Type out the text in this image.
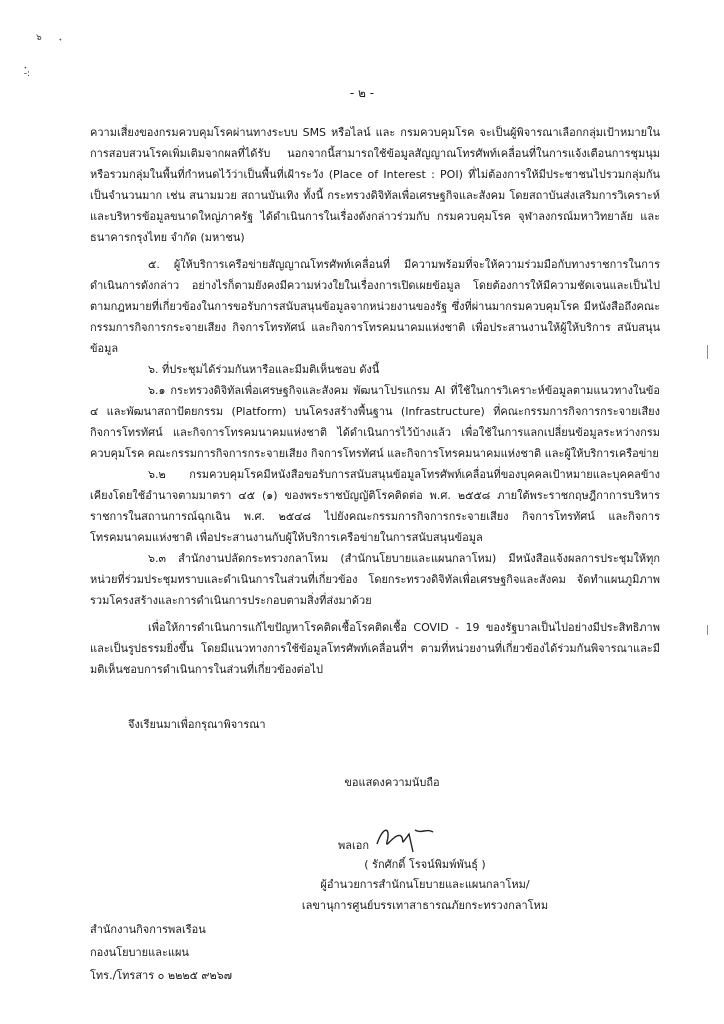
๖
-๋:
- ๒ -

ความเสี่ยงของกรมควบคุมโรคผ่านทางระบบ SMS หรือไลน์ และ กรมควบคุมโรค จะเป็นผู้พิจารณาเลือกกลุ่มเป้าหมายในการสอบสวนโรคเพิ่มเติมจากผลที่ได้รับ นอกจากนี้สามารถใช้ข้อมูลสัญญาณโทรศัพท์เคลื่อนที่ในการแจ้งเตือนการชุมนุมหรือรวมกลุ่มในพื้นที่กำหนดไว้ว่าเป็นพื้นที่เฝ้าระวัง (Place of Interest : POI) ที่ไม่ต้องการให้มีประชาชนไปรวมกลุ่มกันเป็นจำนวนมาก เช่น สนามมวย สถานบันเทิง ทั้งนี้ กระทรวงดิจิทัลเพื่อเศรษฐกิจและสังคม โดยสถาบันส่งเสริมการวิเคราะห์และบริหารข้อมูลขนาดใหญ่ภาครัฐ ได้ดำเนินการในเรื่องดังกล่าวร่วมกับ กรมควบคุมโรค จุฬาลงกรณ์มหาวิทยาลัย และธนาคารกรุงไทย จำกัด (มหาชน)

๕. ผู้ให้บริการเครือข่ายสัญญาณโทรศัพท์เคลื่อนที่ มีความพร้อมที่จะให้ความร่วมมือกับทางราชการในการดำเนินการดังกล่าว อย่างไรก็ตามยังคงมีความห่วงใยในเรื่องการเปิดเผยข้อมูล โดยต้องการให้มีความชัดเจนและเป็นไปตามกฎหมายที่เกี่ยวข้องในการขอรับการสนับสนุนข้อมูลจากหน่วยงานของรัฐ ซึ่งที่ผ่านมากรมควบคุมโรค มีหนังสือถึงคณะกรรมการกิจการกระจายเสียง กิจการโทรทัศน์ และกิจการโทรคมนาคมแห่งชาติ เพื่อประสานงานให้ผู้ให้บริการ สนับสนุนข้อมูล

๖. ที่ประชุมได้ร่วมกันหารือและมีมติเห็นชอบ ดังนี้

๖.๑ กระทรวงดิจิทัลเพื่อเศรษฐกิจและสังคม พัฒนาโปรแกรม AI ที่ใช้ในการวิเคราะห์ข้อมูลตามแนวทางในข้อ ๔ และพัฒนาสถาปัตยกรรม (Platform) บนโครงสร้างพื้นฐาน (Infrastructure) ที่คณะกรรมการกิจการกระจายเสียง กิจการโทรทัศน์ และกิจการโทรคมนาคมแห่งชาติ ได้ดำเนินการไว้บ้างแล้ว เพื่อใช้ในการแลกเปลี่ยนข้อมูลระหว่างกรมควบคุมโรค คณะกรรมการกิจการกระจายเสียง กิจการโทรทัศน์ และกิจการโทรคมนาคมแห่งชาติ และผู้ให้บริการเครือข่าย

๖.๒ กรมควบคุมโรคมีหนังสือขอรับการสนับสนุนข้อมูลโทรศัพท์เคลื่อนที่ของบุคคลเป้าหมายและบุคคลข้างเคียงโดยใช้อำนาจตามมาตรา ๔๕ (๑) ของพระราชบัญญัติโรคติดต่อ พ.ศ. ๒๕๕๘ ภายใต้พระราชกฤษฎีกาการบริหารราชการในสถานการณ์ฉุกเฉิน พ.ศ. ๒๕๔๘ ไปยังคณะกรรมการกิจการกระจายเสียง กิจการโทรทัศน์ และกิจการโทรคมนาคมแห่งชาติ เพื่อประสานงานกับผู้ให้บริการเครือข่ายในการสนับสนุนข้อมูล

๖.๓ สำนักงานปลัดกระทรวงกลาโหม (สำนักนโยบายและแผนกลาโหม) มีหนังสือแจ้งผลการประชุมให้ทุกหน่วยที่ร่วมประชุมทราบและดำเนินการในส่วนที่เกี่ยวข้อง โดยกระทรวงดิจิทัลเพื่อเศรษฐกิจและสังคม จัดทำแผนภูมิภาพรวมโครงสร้างและการดำเนินการประกอบตามสิ่งที่ส่งมาด้วย

เพื่อให้การดำเนินการแก้ไขปัญหาโรคติดเชื้อโรคติดเชื้อ COVID - 19 ของรัฐบาลเป็นไปอย่างมีประสิทธิภาพ และเป็นรูปธรรมยิ่งขึ้น โดยมีแนวทางการใช้ข้อมูลโทรศัพท์เคลื่อนที่ฯ ตามที่หน่วยงานที่เกี่ยวข้องได้ร่วมกันพิจารณาและมีมติเห็นชอบการดำเนินการในส่วนที่เกี่ยวข้องต่อไป

จึงเรียนมาเพื่อกรุณาพิจารณา
ขอแสดงความนับถือ
พลเอก
( รักศักดิ์ โรจน์พิมพ์พันธุ์ )
ผู้อำนวยการสำนักนโยบายและแผนกลาโหม/
เลขานุการศูนย์บรรเทาสาธารณภัยกระทรวงกลาโหม
สำนักงานกิจการพลเรือน
กองนโยบายและแผน
โทร./โทรสาร ๐ ๒๒๒๕ ๙๒๖๗
